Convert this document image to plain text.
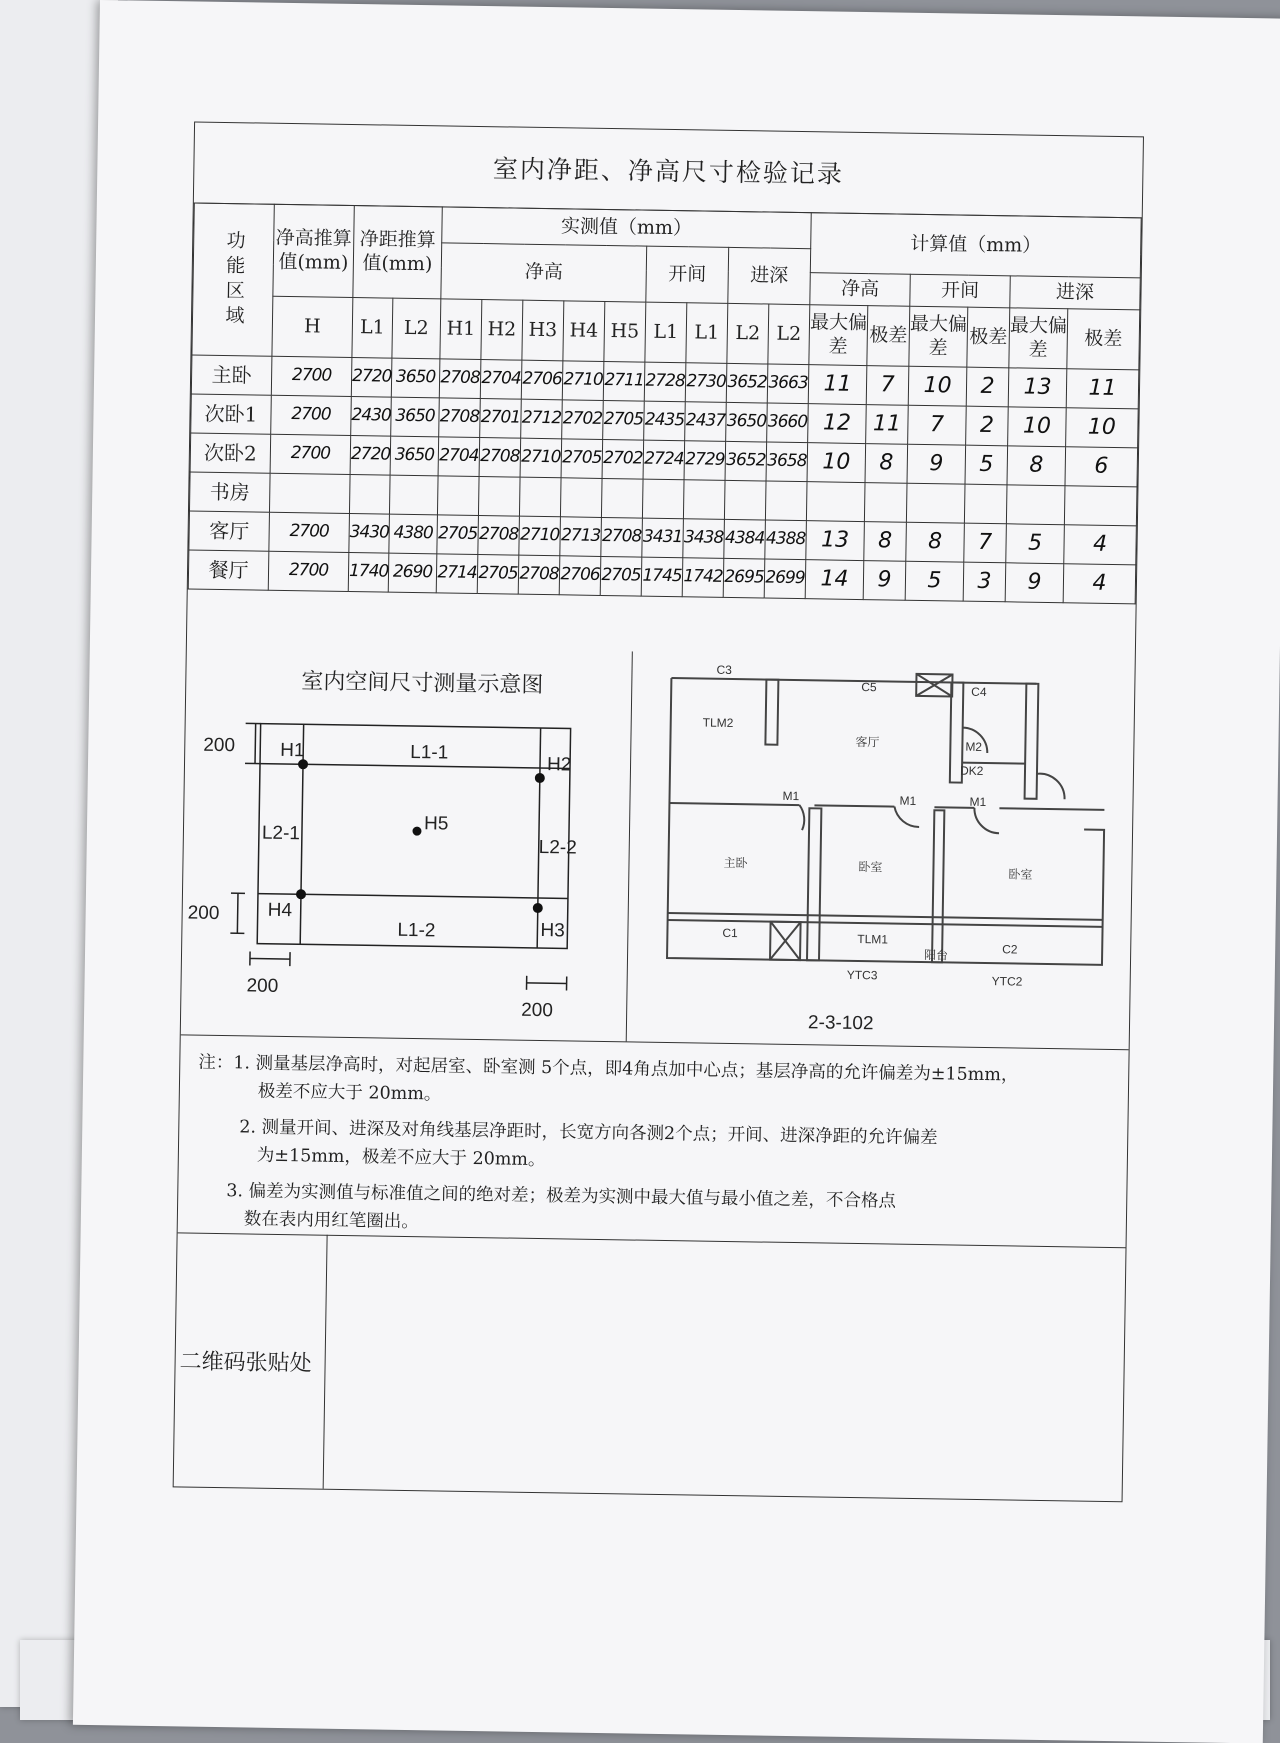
室内净距、净高尺寸检验记录
功能区域	净高推算值(mm)	净距推算值(mm)		实测值（mm）									计算值（mm）					
				净高					开间		进深							
													净高		开间		进深	
	H	L1	L2	H1	H2	H3	H4	H5	L1	L1	L2	L2	最大偏差	极差	最大偏差	极差	最大偏差	极差
主卧	2700	2720	3650	2708	2704	2706	2710	2711	2728	2730	3652	3663	11	7	10	2	13	11
次卧1	2700	2430	3650	2708	2701	2712	2702	2705	2435	2437	3650	3660	12	11	7	2	10	10
次卧2	2700	2720	3650	2704	2708	2710	2705	2702	2724	2729	3652	3658	10	8	9	5	8	6
书房																		
客厅	2700	3430	4380	2705	2708	2710	2713	2708	3431	3438	4384	4388	13	8	8	7	5	4
餐厅	2700	1740	2690	2714	2705	2708	2706	2705	1745	1742	2695	2699	14	9	5	3	9	4
室内空间尺寸测量示意图
H1
H2
H3
H4
H5
L1-1
L1-2
L2-1
L2-2
200
200
200
200
C3
C5	C4
TLM2
客厅	M2
DK2
M1	M1	M1
主卧	卧室
卧室
C1	TLM1
阳台	C2
YTC3	YTC2
2-3-102

注：1. 测量基层净高时，对起居室、卧室测 5个点，即4角点加中心点；基层净高的允许偏差为±15mm，

极差不应大于 20mm。

2. 测量开间、进深及对角线基层净距时，长宽方向各测2个点；开间、进深净距的允许偏差

为±15mm，极差不应大于 20mm。

3. 偏差为实测值与标准值之间的绝对差；极差为实测中最大值与最小值之差，不合格点

数在表内用红笔圈出。

二维码张贴处
